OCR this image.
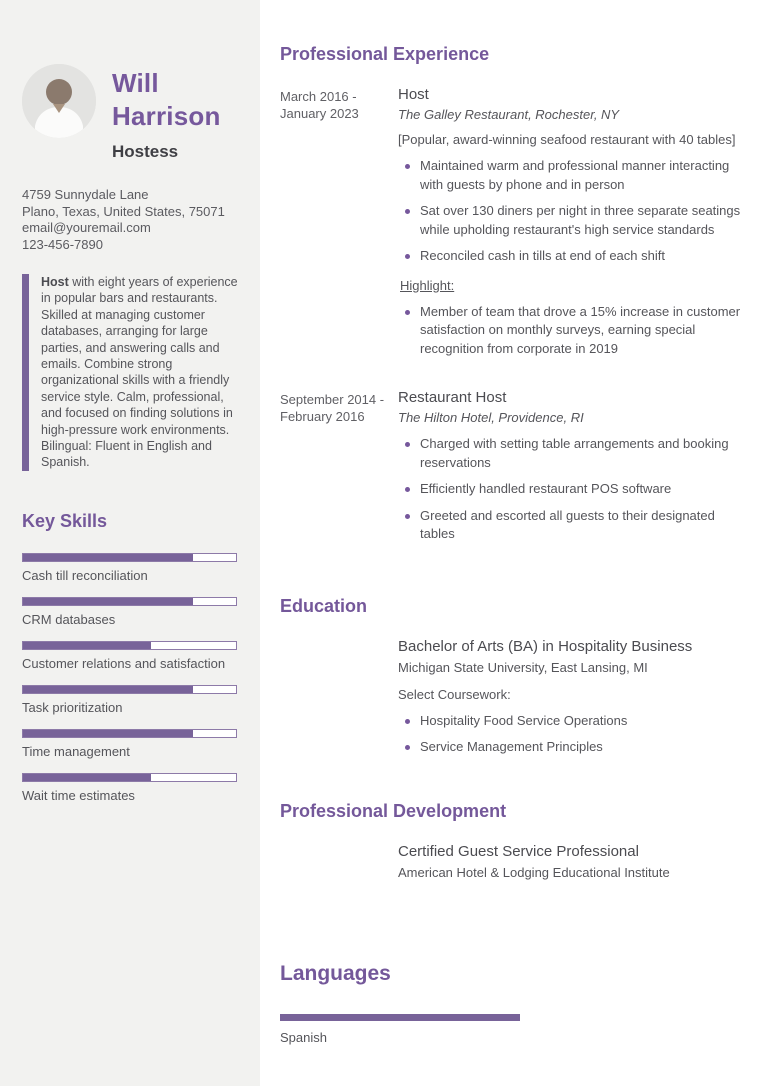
Will
Harrison
Hostess
4759 Sunnydale Lane
Plano, Texas, United States, 75071
email@youremail.com
123-456-7890
Host with eight years of experience in popular bars and restaurants. Skilled at managing customer databases, arranging for large parties, and answering calls and emails. Combine strong organizational skills with a friendly service style. Calm, professional, and focused on finding solutions in high-pressure work environments. Bilingual: Fluent in English and Spanish.
Key Skills
Cash till reconciliation
CRM databases
Customer relations and satisfaction
Task prioritization
Time management
Wait time estimates
Professional Experience
March 2016 -
January 2023
Host
The Galley Restaurant, Rochester, NY
[Popular, award-winning seafood restaurant with 40 tables]
Maintained warm and professional manner interacting with guests by phone and in person
Sat over 130 diners per night in three separate seatings while upholding restaurant's high service standards
Reconciled cash in tills at end of each shift
Highlight:
Member of team that drove a 15% increase in customer satisfaction on monthly surveys, earning special recognition from corporate in 2019
September 2014 -
February 2016
Restaurant Host
The Hilton Hotel, Providence, RI
Charged with setting table arrangements and booking reservations
Efficiently handled restaurant POS software
Greeted and escorted all guests to their designated tables
Education
Bachelor of Arts (BA) in Hospitality Business
Michigan State University, East Lansing, MI
Select Coursework:
Hospitality Food Service Operations
Service Management Principles
Professional Development
Certified Guest Service Professional
American Hotel & Lodging Educational Institute
Languages
Spanish
